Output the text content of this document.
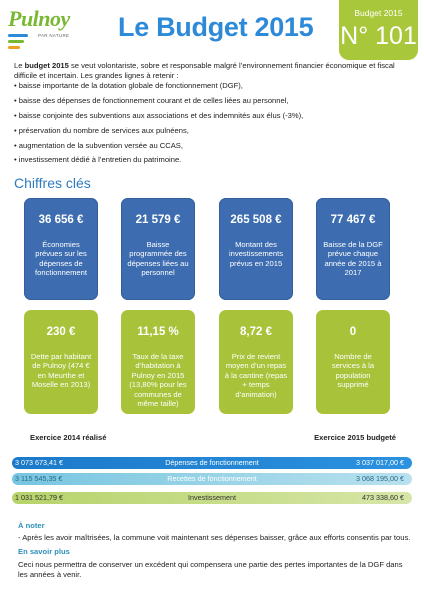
Pulnoy
PAR NATURE Le Budget 2015	Budget 2015
N° 101

Le budget 2015 se veut volontariste, sobre et responsable malgré l’environnement financier économique et fiscal difficile et incertain. Les grandes lignes à retenir :

• baisse importante de la dotation globale de fonctionnement (DGF),
• baisse des dépenses de fonctionnement courant et de celles liées au personnel,
• baisse conjointe des subventions aux associations et des indemnités aux élus (-3%),
• préservation du nombre de services aux pulnéens,
• augmentation de la subvention versée au CCAS,
• investissement dédié à l’entretien du patrimoine.
Chiffres clés
36 656 €
Économies prévues sur les dépenses de fonctionnement
21 579 €
Baisse programmée des dépenses liées au personnel
265 508 €
Montant des investissements prévus en 2015
77 467 €
Baisse de la DGF prévue chaque année de 2015 à 2017
230 €
Dette par habitant de Pulnoy (474 € en Meurthe et Moselle en 2013)
11,15 %
Taux de la taxe d’habitation à Pulnoy en 2015 (13,80% pour les communes de même taille)
8,72 €
Prix de revient moyen d’un repas à la cantine (repas + temps d’animation)
0
Nombre de services à la population supprimé
Exercice 2014 réalisé	Exercice 2015 budgeté
3 073 673,41 €	Dépenses de fonctionnement	3 037 017,00 €
3 115 545,35 €	Recettes de fonctionnement	3 068 195,00 €
1 031 521,79 €	Investissement	473 338,60 €

À noter

- Après les avoir maîtrisées, la commune voit maintenant ses dépenses baisser, grâce aux efforts consentis par tous.

En savoir plus

Ceci nous permettra de conserver un excédent qui compensera une partie des pertes importantes de la DGF dans les années à venir.
